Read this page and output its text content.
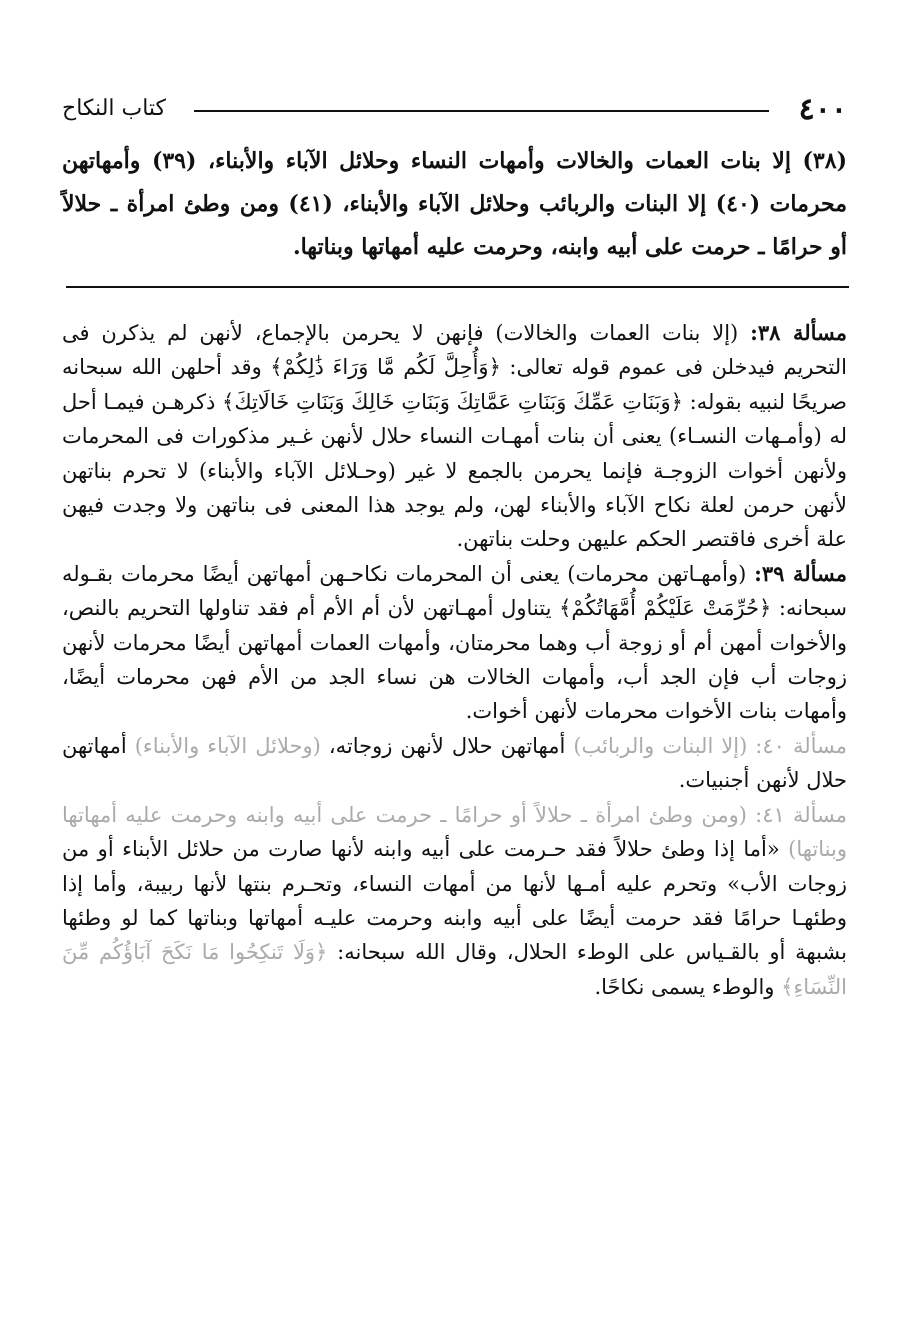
٤٠٠
كتاب النكاح

(٣٨) إلا بنات العمات والخالات وأمهات النساء وحلائل الآباء والأبناء، (٣٩) وأمهاتهن محرمات (٤٠) إلا البنات والربائب وحلائل الآباء والأبناء، (٤١) ومن وطئ امرأة ـ حلالاً أو حرامًا ـ حرمت على أبيه وابنه، وحرمت عليه أمهاتها وبناتها.

مسألة ٣٨: (إلا بنات العمات والخالات) فإنهن لا يحرمن بالإجماع، لأنهن لم يذكرن فى التحريم فيدخلن فى عموم قوله تعالى: ﴿وَأُحِلَّ لَكُم مَّا وَرَاءَ ذَٰلِكُمْ﴾ وقد أحلهن الله سبحانه صريحًا لنبيه بقوله: ﴿وَبَنَاتِ عَمِّكَ وَبَنَاتِ عَمَّاتِكَ وَبَنَاتِ خَالِكَ وَبَنَاتِ خَالَاتِكَ﴾ ذكرهـن فيمـا أحل له (وأمـهات النسـاء) يعنى أن بنات أمهـات النساء حلال لأنهن غـير مذكورات فى المحرمات ولأنهن أخوات الزوجـة فإنما يحرمن بالجمع لا غير (وحـلائل الآباء والأبناء) لا تحرم بناتهن لأنهن حرمن لعلة نكاح الآباء والأبناء لهن، ولم يوجد هذا المعنى فى بناتهن ولا وجدت فيهن علة أخرى فاقتصر الحكم عليهن وحلت بناتهن.

مسألة ٣٩: (وأمهـاتهن محرمات) يعنى أن المحرمات نكاحـهن أمهاتهن أيضًا محرمات بقـوله سبحانه: ﴿حُرِّمَتْ عَلَيْكُمْ أُمَّهَاتُكُمْ﴾ يتناول أمهـاتهن لأن أم الأم أم فقد تناولها التحريم بالنص، والأخوات أمهن أم أو زوجة أب وهما محرمتان، وأمهات العمات أمهاتهن أيضًا محرمات لأنهن زوجات أب فإن الجد أب، وأمهات الخالات هن نساء الجد من الأم فهن محرمات أيضًا، وأمهات بنات الأخوات محرمات لأنهن أخوات.

مسألة ٤٠: (إلا البنات والربائب) أمهاتهن حلال لأنهن زوجاته، (وحلائل الآباء والأبناء) أمهاتهن حلال لأنهن أجنبيات.

مسألة ٤١: (ومن وطئ امرأة ـ حلالاً أو حرامًا ـ حرمت على أبيه وابنه وحرمت عليه أمهاتها وبناتها) «أما إذا وطئ حلالاً فقد حـرمت على أبيه وابنه لأنها صارت من حلائل الأبناء أو من زوجات الأب» وتحرم عليه أمـها لأنها من أمهات النساء، وتحـرم بنتها لأنها ربيبة، وأما إذا وطئهـا حرامًا فقد حرمت أيضًا على أبيه وابنه وحرمت عليـه أمهاتها وبناتها كما لو وطئها بشبهة أو بالقـياس على الوطء الحلال، وقال الله سبحانه: ﴿وَلَا تَنكِحُوا مَا نَكَحَ آبَاؤُكُم مِّنَ النِّسَاءِ﴾ والوطء يسمى نكاحًا.
